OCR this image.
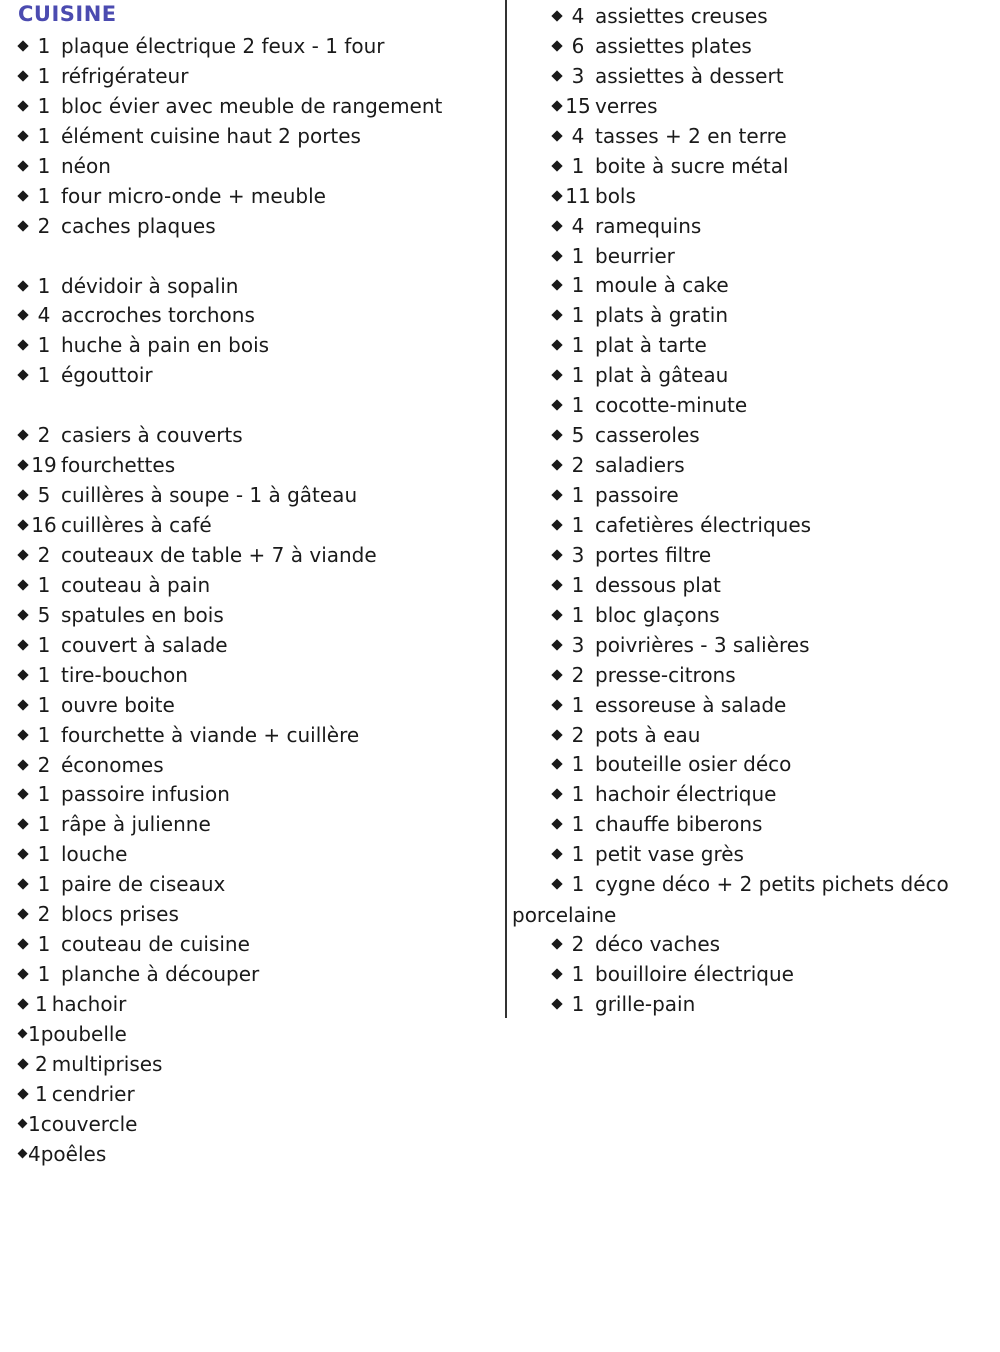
CUISINE
1 plaque électrique 2 feux - 1 four
1 réfrigérateur
1 bloc évier avec meuble de rangement
1 élément cuisine haut 2 portes
1 néon
1 four micro-onde + meuble
2 caches plaques
1 dévidoir à sopalin
4 accroches torchons
1 huche à pain en bois
1 égouttoir
2 casiers à couverts
19 fourchettes
5 cuillères à soupe - 1 à gâteau
16 cuillères à café
2 couteaux de table + 7 à viande
1 couteau à pain
5 spatules en bois
1 couvert à salade
1 tire-bouchon
1 ouvre boite
1 fourchette à viande + cuillère
2 économes
1 passoire infusion
1 râpe à julienne
1 louche
1 paire de ciseaux
2 blocs prises
1 couteau de cuisine
1 planche à découper
1 hachoir
1poubelle
2 multiprises
1 cendrier
1couvercle
4poêles
4 assiettes creuses
6 assiettes plates
3 assiettes à dessert
15 verres
4 tasses + 2 en terre
1 boite à sucre métal
11 bols
4 ramequins
1 beurrier
1 moule à cake
1 plats à gratin
1 plat à tarte
1 plat à gâteau
1 cocotte-minute
5 casseroles
2 saladiers
1 passoire
1 cafetières électriques
3 portes filtre
1 dessous plat
1 bloc glaçons
3 poivrières - 3 salières
2 presse-citrons
1 essoreuse à salade
2 pots à eau
1 bouteille osier déco
1 hachoir électrique
1 chauffe biberons
1 petit vase grès
1 cygne déco + 2 petits pichets déco
2 déco vaches
1 bouilloire électrique
1 grille-pain
porcelaine
